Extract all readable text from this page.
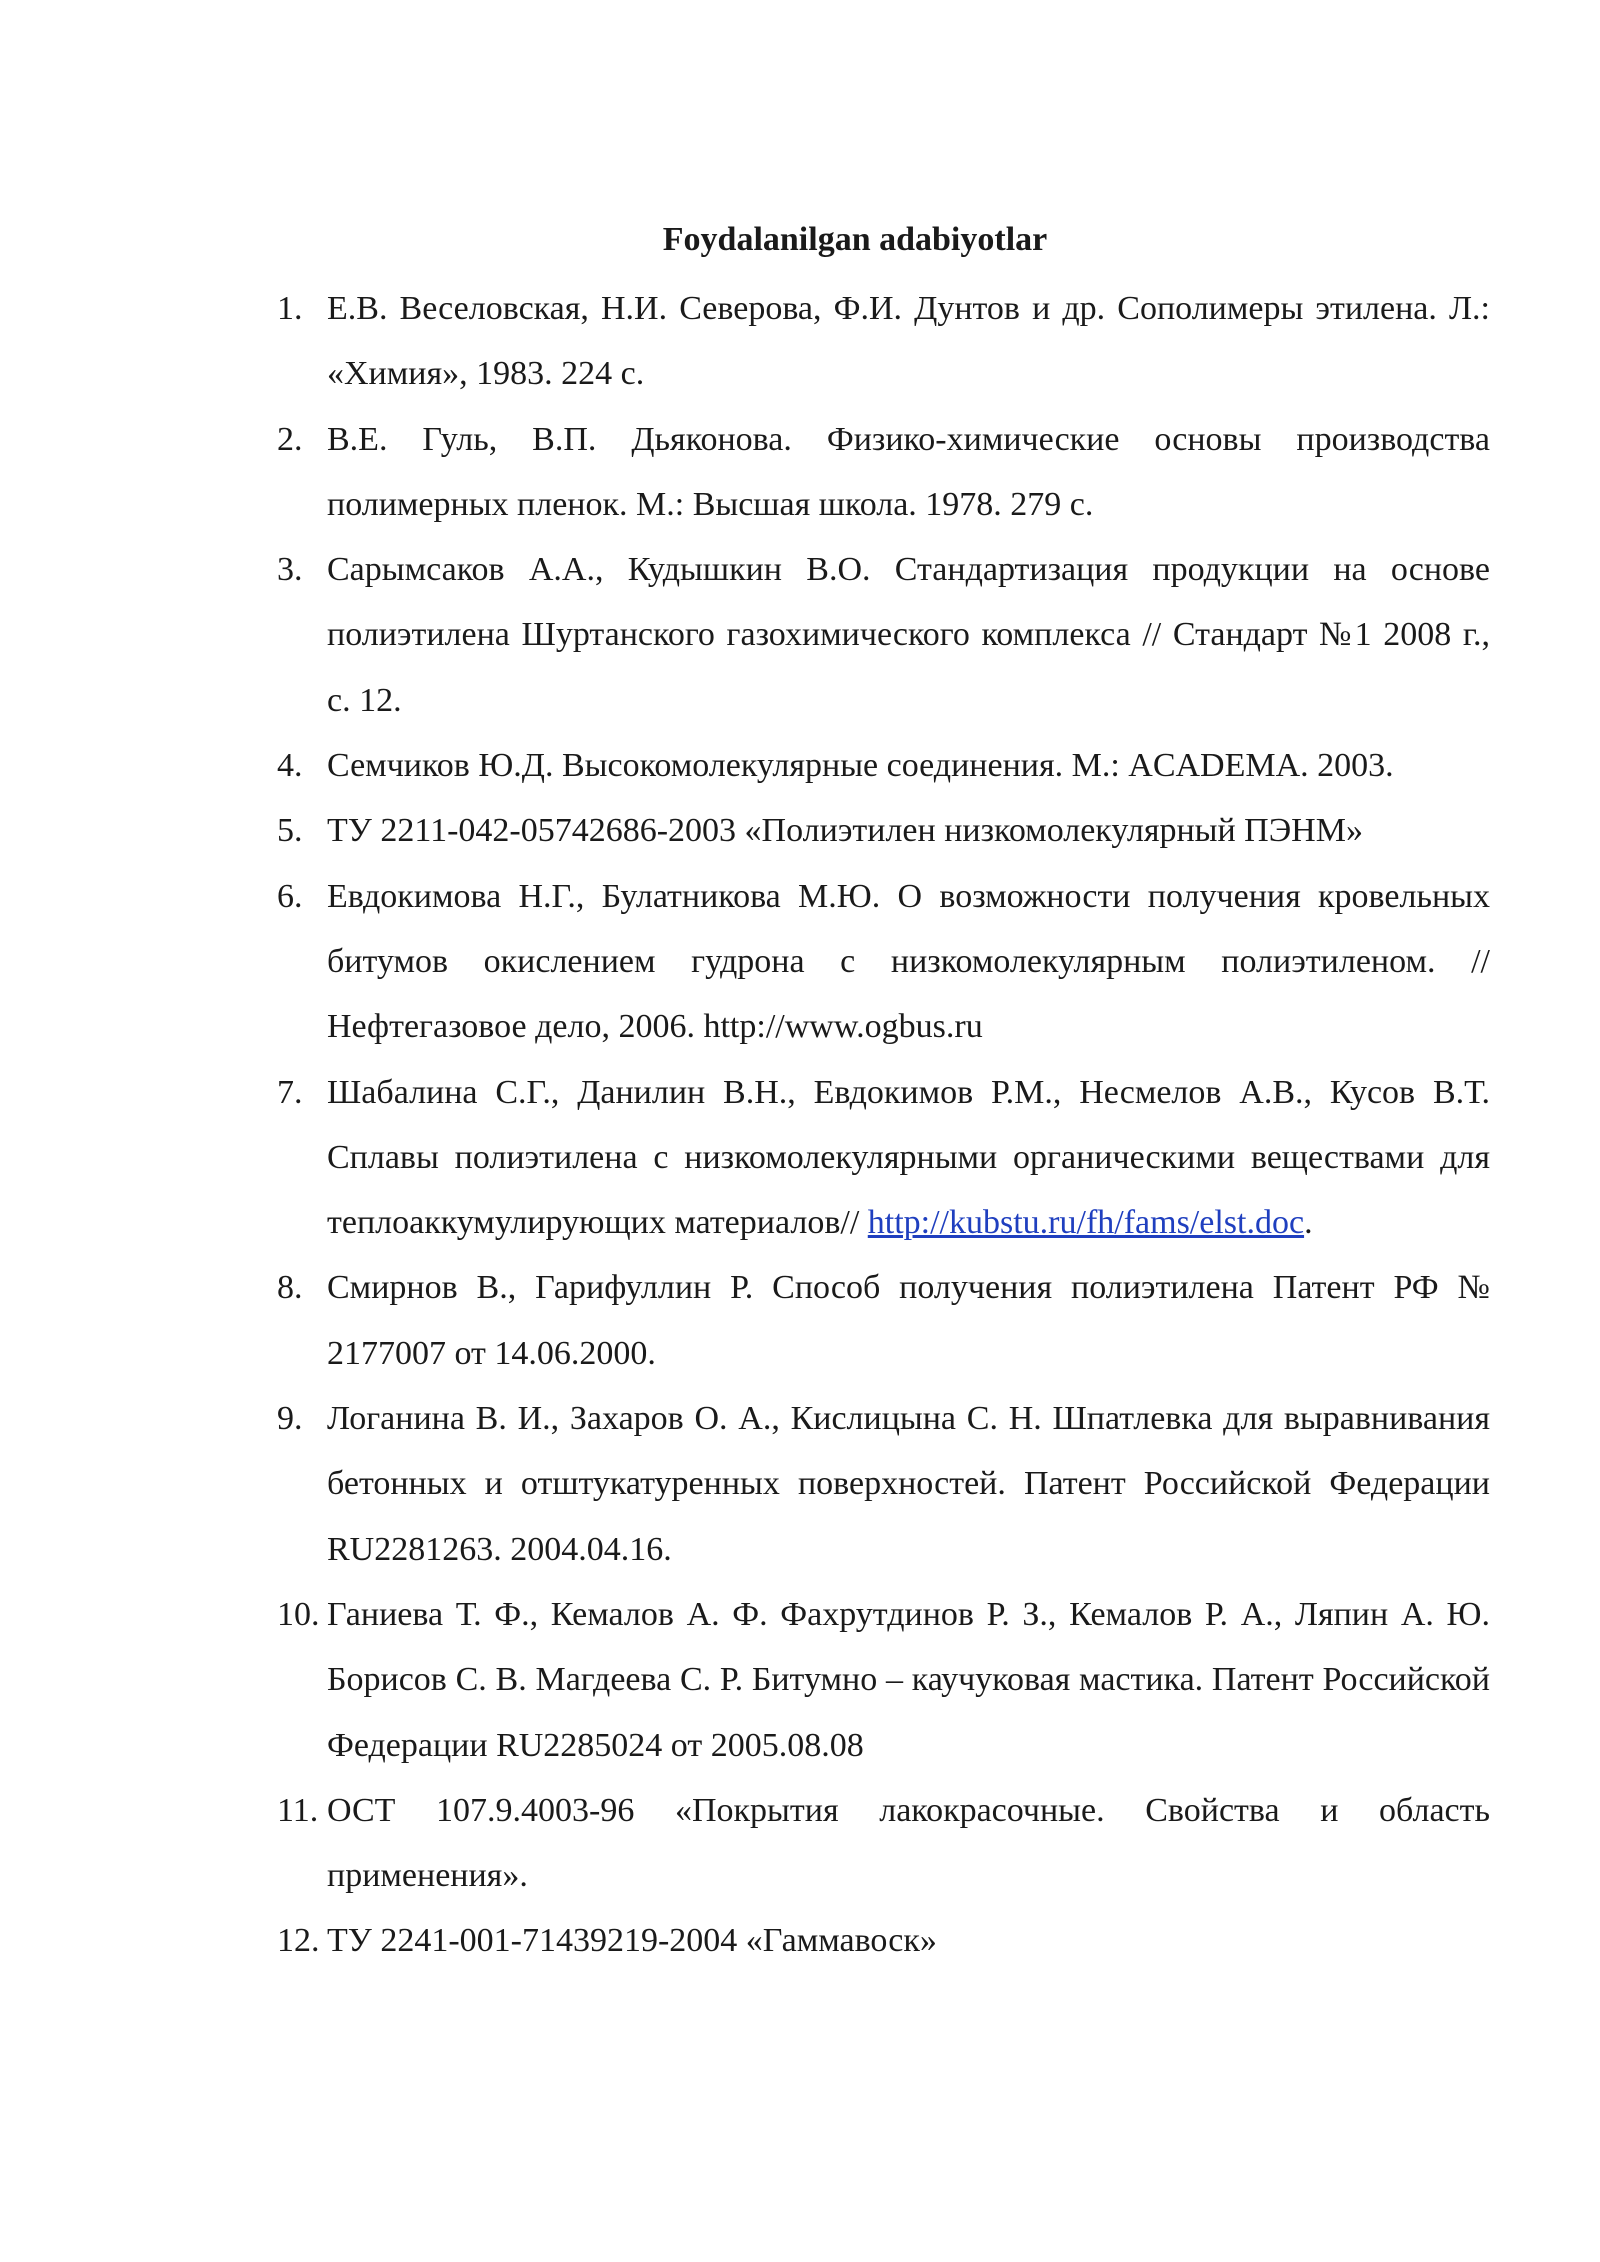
Foydalanilgan adabiyotlar
1. Е.В. Веселовская, Н.И. Северова, Ф.И. Дунтов и др. Сополимеры этилена. Л.: «Химия», 1983. 224 с.
2. В.Е. Гуль, В.П. Дьяконова. Физико-химические основы производства полимерных пленок. М.: Высшая школа. 1978. 279 с.
3. Сарымсаков А.А., Кудышкин В.О. Стандартизация продукции на основе полиэтилена Шуртанского газохимического комплекса // Стандарт №1 2008 г., с. 12.
4. Семчиков Ю.Д. Высокомолекулярные соединения. М.: ACADEMA. 2003.
5. ТУ 2211-042-05742686-2003 «Полиэтилен низкомолекулярный ПЭНМ»
6. Евдокимова Н.Г., Булатникова М.Ю. О возможности получения кровельных битумов окислением гудрона с низкомолекулярным полиэтиленом. //Нефтегазовое дело, 2006. http://www.ogbus.ru
7. Шабалина С.Г., Данилин В.Н., Евдокимов Р.М., Несмелов А.В., Кусов В.Т. Сплавы полиэтилена с низкомолекулярными органическими веществами для теплоаккумулирующих материалов// http://kubstu.ru/fh/fams/elst.doc.
8. Смирнов В., Гарифуллин Р. Способ получения полиэтилена Патент РФ № 2177007 от 14.06.2000.
9. Логанина В. И., Захаров О. А., Кислицына С. Н. Шпатлевка для выравнивания бетонных и отштукатуренных поверхностей. Патент Российской Федерации RU2281263. 2004.04.16.
10. Ганиева Т. Ф., Кемалов А. Ф. Фахрутдинов Р. З., Кемалов Р. А., Ляпин А. Ю. Борисов С. В. Магдеева С. Р. Битумно – каучуковая мастика. Патент Российской Федерации RU2285024 от 2005.08.08
11. ОСТ 107.9.4003-96 «Покрытия лакокрасочные. Свойства и область применения».
12. ТУ 2241-001-71439219-2004 «Гаммавоск»
